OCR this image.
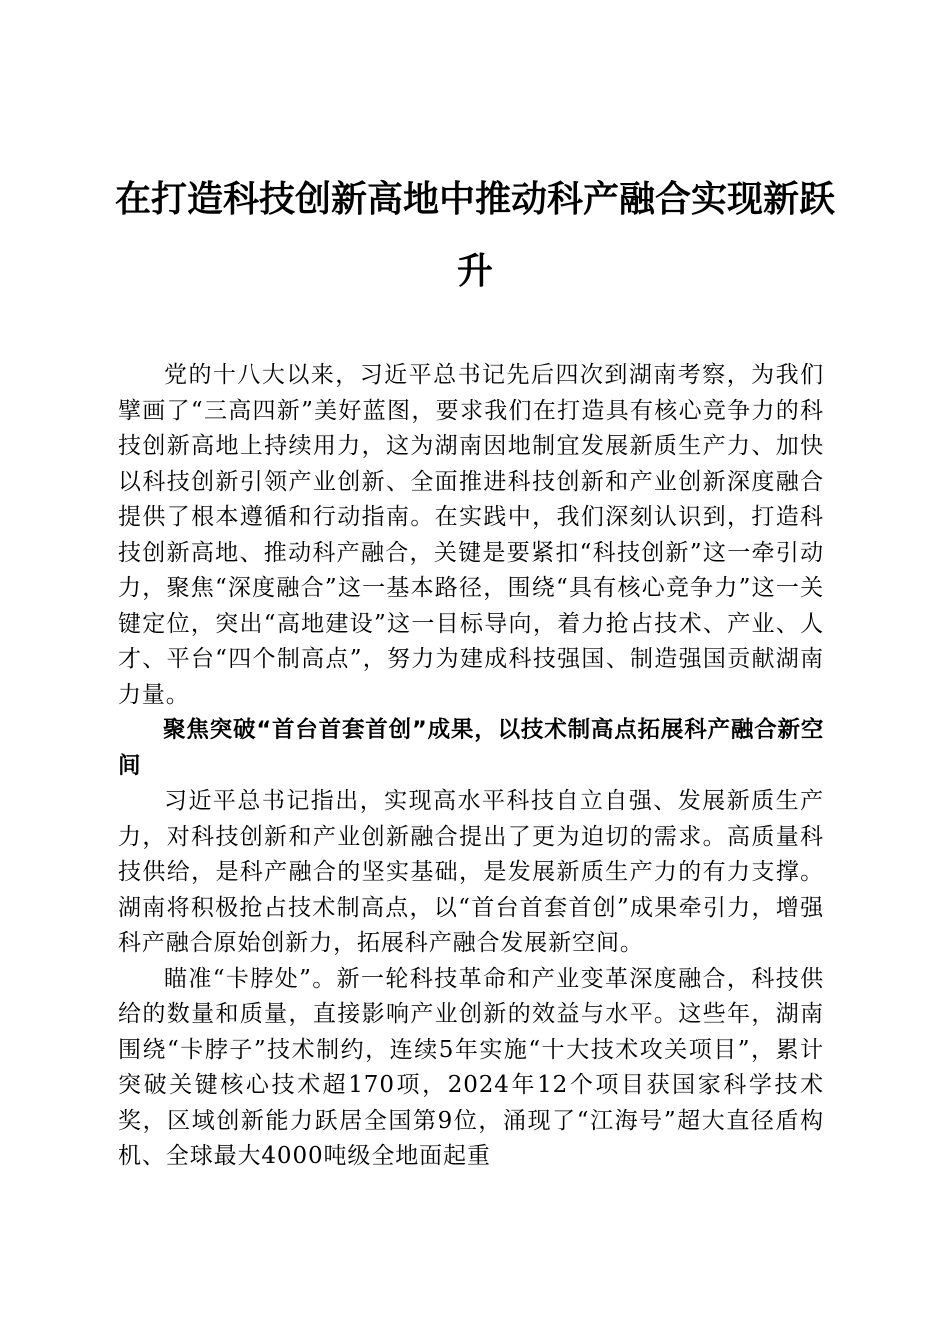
在打造科技创新高地中推动科产融合实现新跃升

党的十八大以来，习近平总书记先后四次到湖南考察，为我们擘画了“三高四新”美好蓝图，要求我们在打造具有核心竞争力的科技创新高地上持续用力，这为湖南因地制宜发展新质生产力、加快以科技创新引领产业创新、全面推进科技创新和产业创新深度融合提供了根本遵循和行动指南。在实践中，我们深刻认识到，打造科技创新高地、推动科产融合，关键是要紧扣“科技创新”这一牵引动力，聚焦“深度融合”这一基本路径，围绕“具有核心竞争力”这一关键定位，突出“高地建设”这一目标导向，着力抢占技术、产业、人才、平台“四个制高点”，努力为建成科技强国、制造强国贡献湖南力量。

聚焦突破“首台首套首创”成果，以技术制高点拓展科产融合新空间

习近平总书记指出，实现高水平科技自立自强、发展新质生产力，对科技创新和产业创新融合提出了更为迫切的需求。高质量科技供给，是科产融合的坚实基础，是发展新质生产力的有力支撑。湖南将积极抢占技术制高点，以“首台首套首创”成果牵引力，增强科产融合原始创新力，拓展科产融合发展新空间。

瞄准“卡脖处”。新一轮科技革命和产业变革深度融合，科技供给的数量和质量，直接影响产业创新的效益与水平。这些年，湖南围绕“卡脖子”技术制约，连续5年实施“十大技术攻关项目”，累计突破关键核心技术超170项，2024年12个项目获国家科学技术奖，区域创新能力跃居全国第9位，涌现了“江海号”超大直径盾构机、全球最大4000吨级全地面起重
